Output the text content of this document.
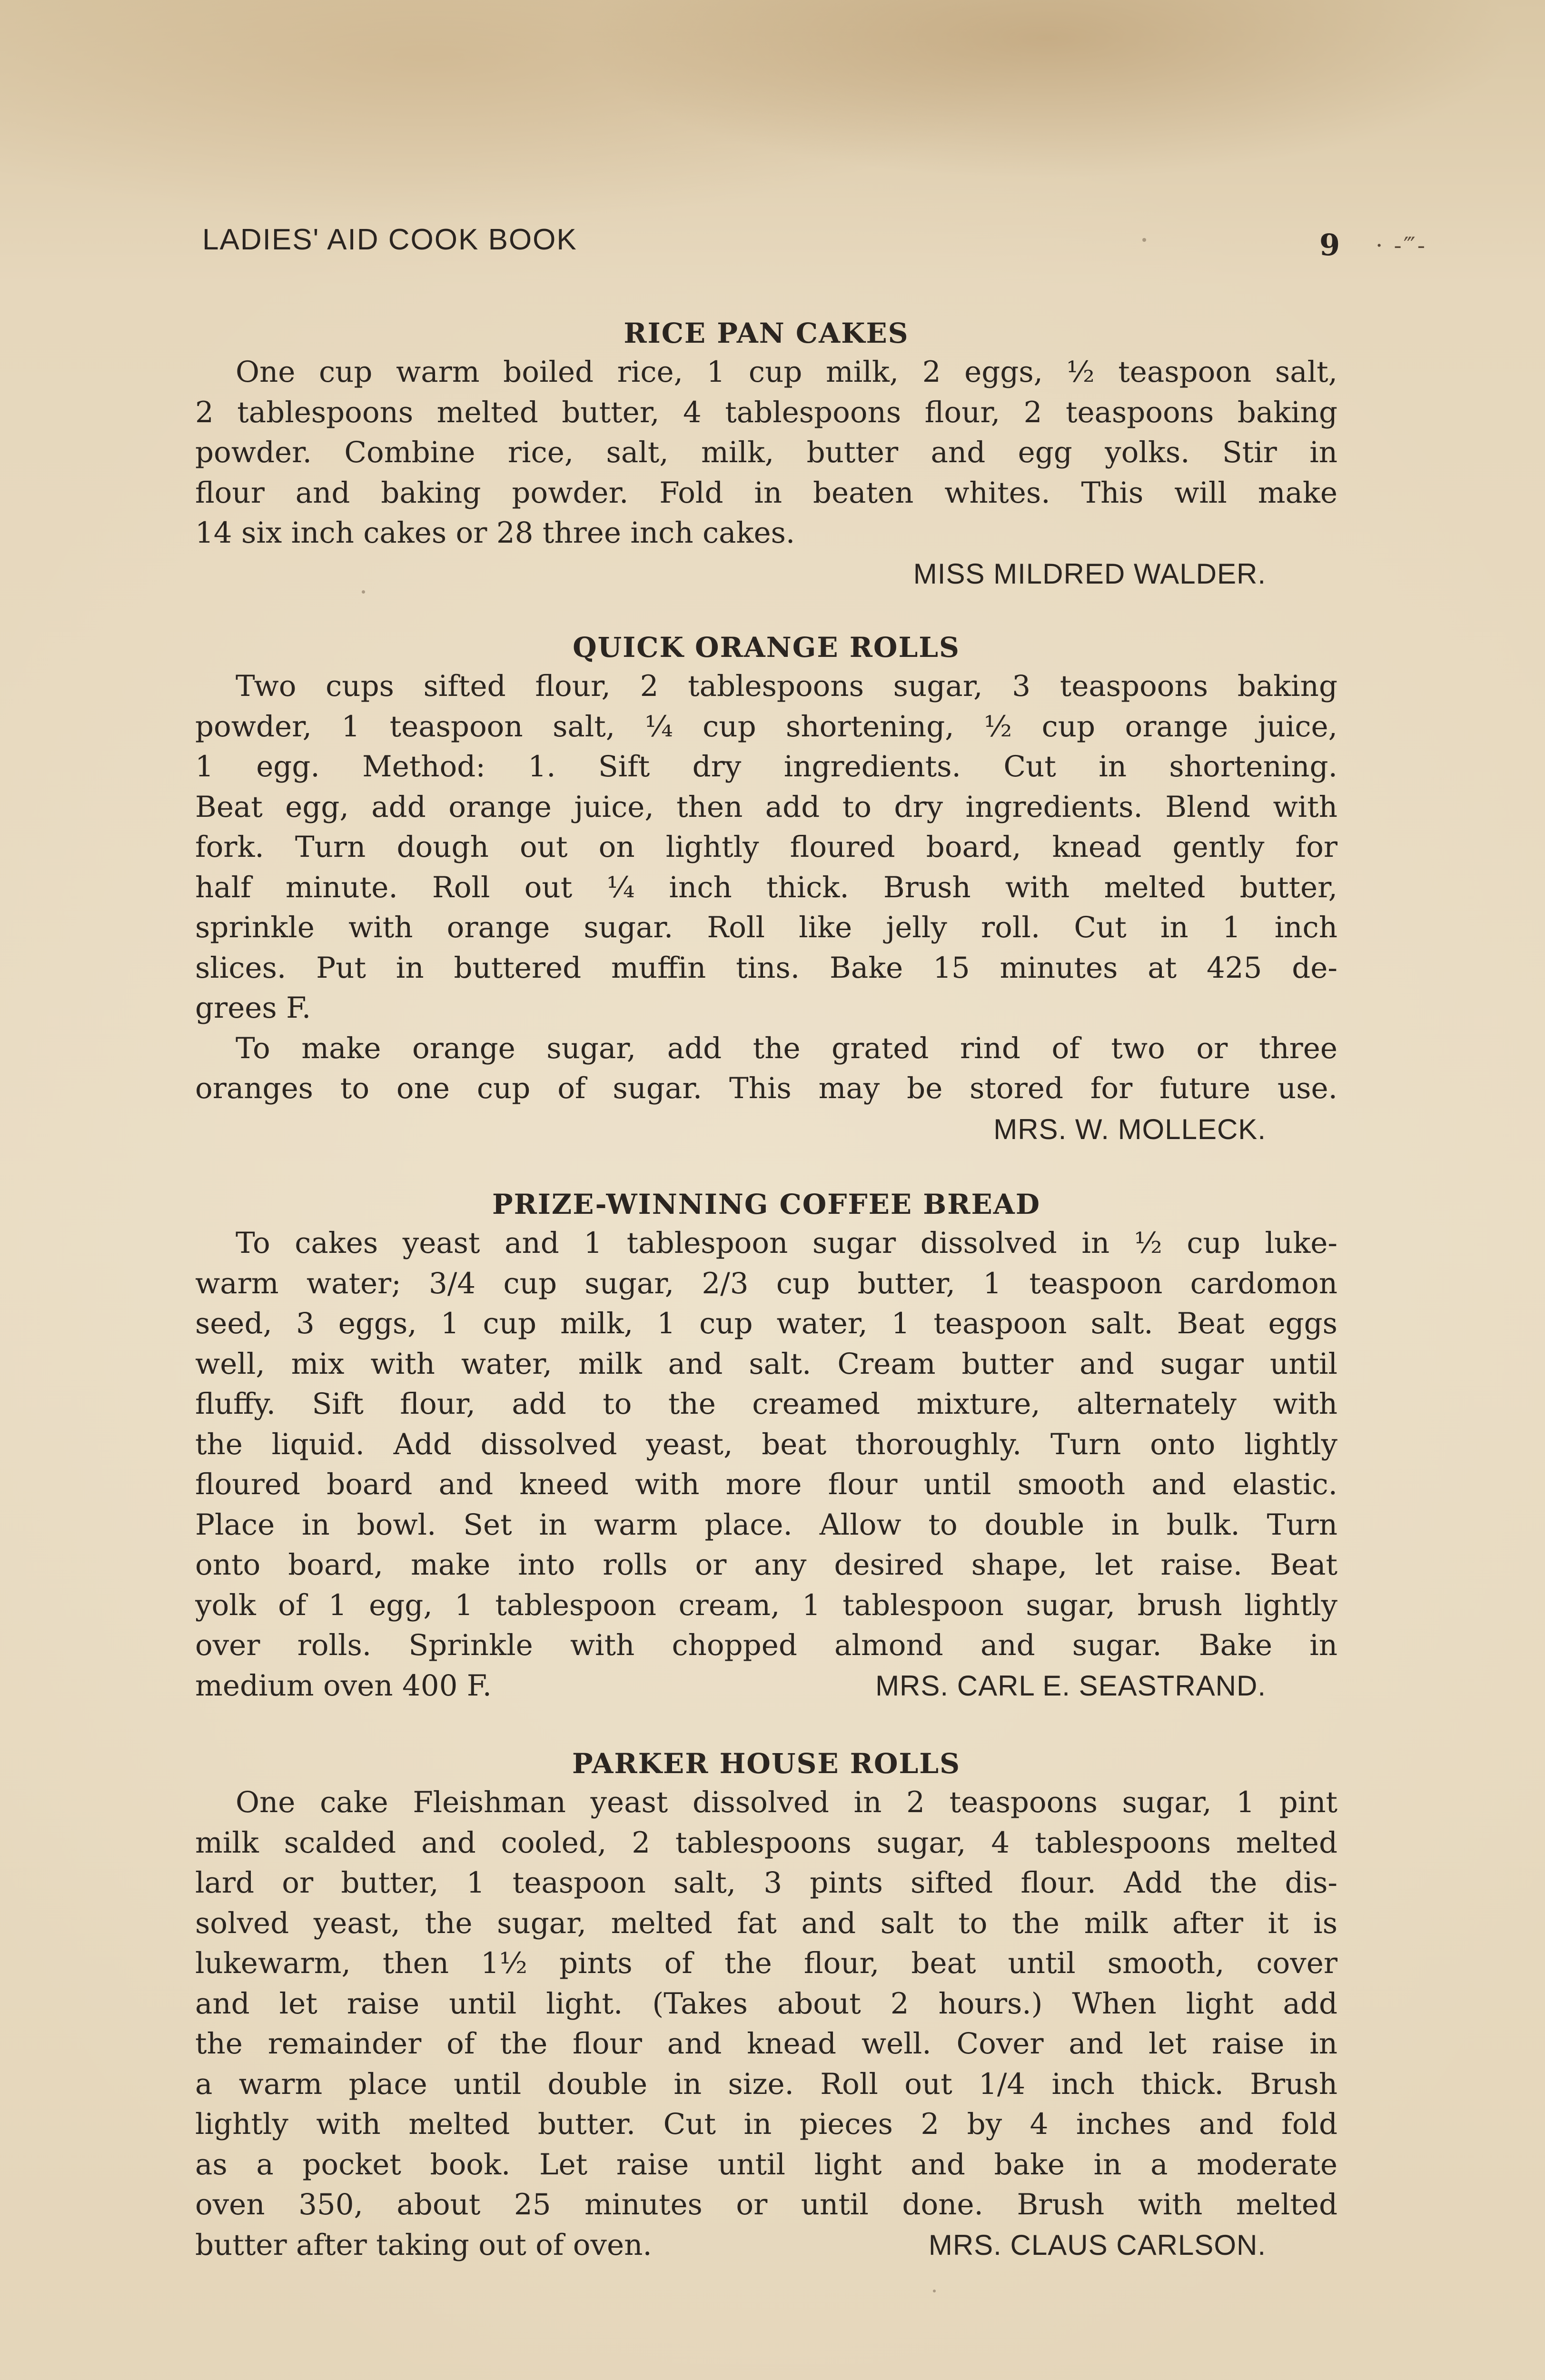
LADIES' AID COOK BOOK	9 · ‐‴‐
RICE PAN CAKES
One cup warm boiled rice, 1 cup milk, 2 eggs, ½ teaspoon salt,
2 tablespoons melted butter, 4 tablespoons flour, 2 teaspoons baking
powder. Combine rice, salt, milk, butter and egg yolks. Stir in
flour and baking powder. Fold in beaten whites. This will make
14 six inch cakes or 28 three inch cakes.
MISS MILDRED WALDER.
QUICK ORANGE ROLLS
Two cups sifted flour, 2 tablespoons sugar, 3 teaspoons baking
powder, 1 teaspoon salt, ¼ cup shortening, ½ cup orange juice,
1 egg. Method: 1. Sift dry ingredients. Cut in shortening.
Beat egg, add orange juice, then add to dry ingredients. Blend with
fork. Turn dough out on lightly floured board, knead gently for
half minute. Roll out ¼ inch thick. Brush with melted butter,
sprinkle with orange sugar. Roll like jelly roll. Cut in 1 inch
slices. Put in buttered muffin tins. Bake 15 minutes at 425 de-
grees F.
To make orange sugar, add the grated rind of two or three
oranges to one cup of sugar. This may be stored for future use.
MRS. W. MOLLECK.
PRIZE-WINNING COFFEE BREAD
To cakes yeast and 1 tablespoon sugar dissolved in ½ cup luke-
warm water; 3/4 cup sugar, 2/3 cup butter, 1 teaspoon cardomon
seed, 3 eggs, 1 cup milk, 1 cup water, 1 teaspoon salt. Beat eggs
well, mix with water, milk and salt. Cream butter and sugar until
fluffy. Sift flour, add to the creamed mixture, alternately with
the liquid. Add dissolved yeast, beat thoroughly. Turn onto lightly
floured board and kneed with more flour until smooth and elastic.
Place in bowl. Set in warm place. Allow to double in bulk. Turn
onto board, make into rolls or any desired shape, let raise. Beat
yolk of 1 egg, 1 tablespoon cream, 1 tablespoon sugar, brush lightly
over rolls. Sprinkle with chopped almond and sugar. Bake in
medium oven 400 F.	MRS. CARL E. SEASTRAND.
PARKER HOUSE ROLLS
One cake Fleishman yeast dissolved in 2 teaspoons sugar, 1 pint
milk scalded and cooled, 2 tablespoons sugar, 4 tablespoons melted
lard or butter, 1 teaspoon salt, 3 pints sifted flour. Add the dis-
solved yeast, the sugar, melted fat and salt to the milk after it is
lukewarm, then 1½ pints of the flour, beat until smooth, cover
and let raise until light. (Takes about 2 hours.) When light add
the remainder of the flour and knead well. Cover and let raise in
a warm place until double in size. Roll out 1/4 inch thick. Brush
lightly with melted butter. Cut in pieces 2 by 4 inches and fold
as a pocket book. Let raise until light and bake in a moderate
oven 350, about 25 minutes or until done. Brush with melted
butter after taking out of oven.	MRS. CLAUS CARLSON.
